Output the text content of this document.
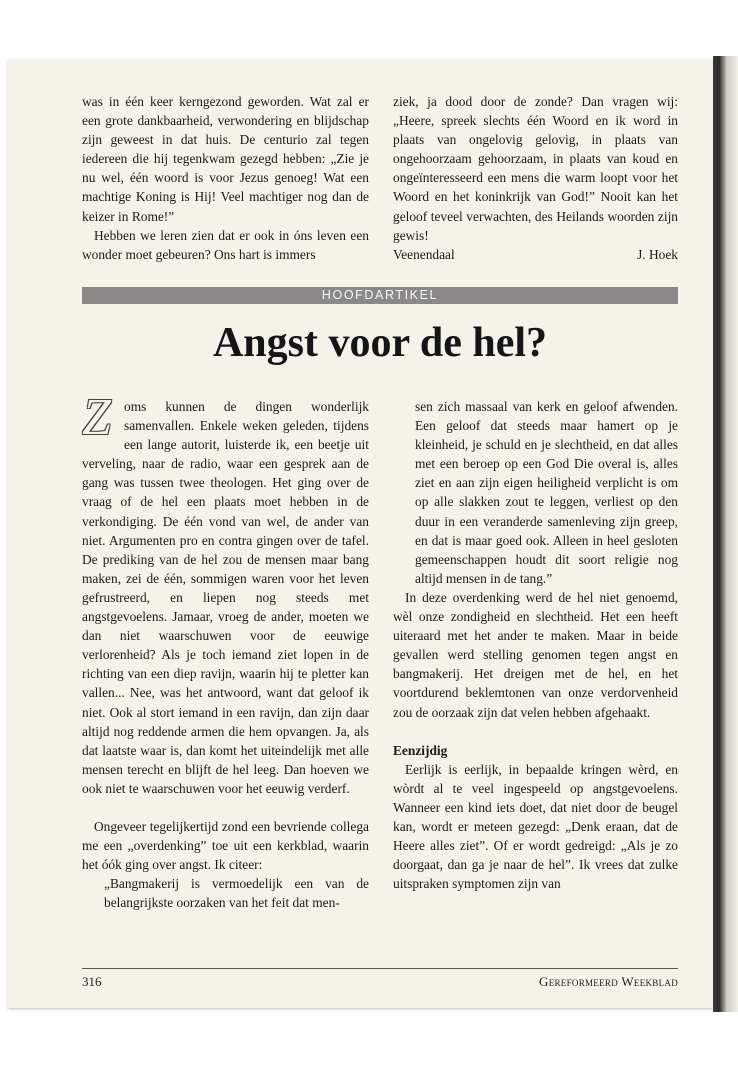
was in één keer kerngezond geworden. Wat zal er een grote dankbaarheid, verwondering en blijdschap zijn geweest in dat huis. De centurio zal tegen iedereen die hij tegenkwam gezegd hebben: „Zie je nu wel, één woord is voor Jezus genoeg! Wat een machtige Koning is Hij! Veel machtiger nog dan de keizer in Rome!”

Hebben we leren zien dat er ook in óns leven een wonder moet gebeuren? Ons hart is immers

ziek, ja dood door de zonde? Dan vragen wij: „Heere, spreek slechts één Woord en ik word in plaats van ongelovig gelovig, in plaats van ongehoorzaam gehoorzaam, in plaats van koud en ongeïnteresseerd een mens die warm loopt voor het Woord en het koninkrijk van God!” Nooit kan het geloof teveel verwachten, des Heilands woorden zijn gewis!

Veenendaal	J. Hoek
HOOFDARTIKEL
Angst voor de hel?

Zoms kunnen de dingen wonderlijk samenvallen. Enkele weken geleden, tijdens een lange autorit, luisterde ik, een beetje uit verveling, naar de radio, waar een gesprek aan de gang was tussen twee theologen. Het ging over de vraag of de hel een plaats moet hebben in de verkondiging. De één vond van wel, de ander van niet. Argumenten pro en contra gingen over de tafel. De prediking van de hel zou de mensen maar bang maken, zei de één, sommigen waren voor het leven gefrustreerd, en liepen nog steeds met angstgevoelens. Jamaar, vroeg de ander, moeten we dan niet waarschuwen voor de eeuwige verlorenheid? Als je toch iemand ziet lopen in de richting van een diep ravijn, waarin hij te pletter kan vallen... Nee, was het antwoord, want dat geloof ik niet. Ook al stort iemand in een ravijn, dan zijn daar altijd nog reddende armen die hem opvangen. Ja, als dat laatste waar is, dan komt het uiteindelijk met alle mensen terecht en blijft de hel leeg. Dan hoeven we ook niet te waarschuwen voor het eeuwig verderf.

Ongeveer tegelijkertijd zond een bevriende collega me een „overdenking” toe uit een kerkblad, waarin het óók ging over angst. Ik citeer:

„Bangmakerij is vermoedelijk een van de belangrijkste oorzaken van het feit dat men-

sen zich massaal van kerk en geloof afwenden. Een geloof dat steeds maar hamert op je kleinheid, je schuld en je slechtheid, en dat alles met een beroep op een God Die overal is, alles ziet en aan zijn eigen heiligheid verplicht is om op alle slakken zout te leggen, verliest op den duur in een veranderde samenleving zijn greep, en dat is maar goed ook. Alleen in heel gesloten gemeenschappen houdt dit soort religie nog altijd mensen in de tang.”

In deze overdenking werd de hel niet genoemd, wèl onze zondigheid en slechtheid. Het een heeft uiteraard met het ander te maken. Maar in beide gevallen werd stelling genomen tegen angst en bangmakerij. Het dreigen met de hel, en het voortdurend beklemtonen van onze verdorvenheid zou de oorzaak zijn dat velen hebben afgehaakt.

Eenzijdig

Eerlijk is eerlijk, in bepaalde kringen wèrd, en wòrdt al te veel ingespeeld op angstgevoelens. Wanneer een kind iets doet, dat niet door de beugel kan, wordt er meteen gezegd: „Denk eraan, dat de Heere alles ziet”. Of er wordt gedreigd: „Als je zo doorgaat, dan ga je naar de hel”. Ik vrees dat zulke uitspraken symptomen zijn van

316	Gereformeerd Weekblad
